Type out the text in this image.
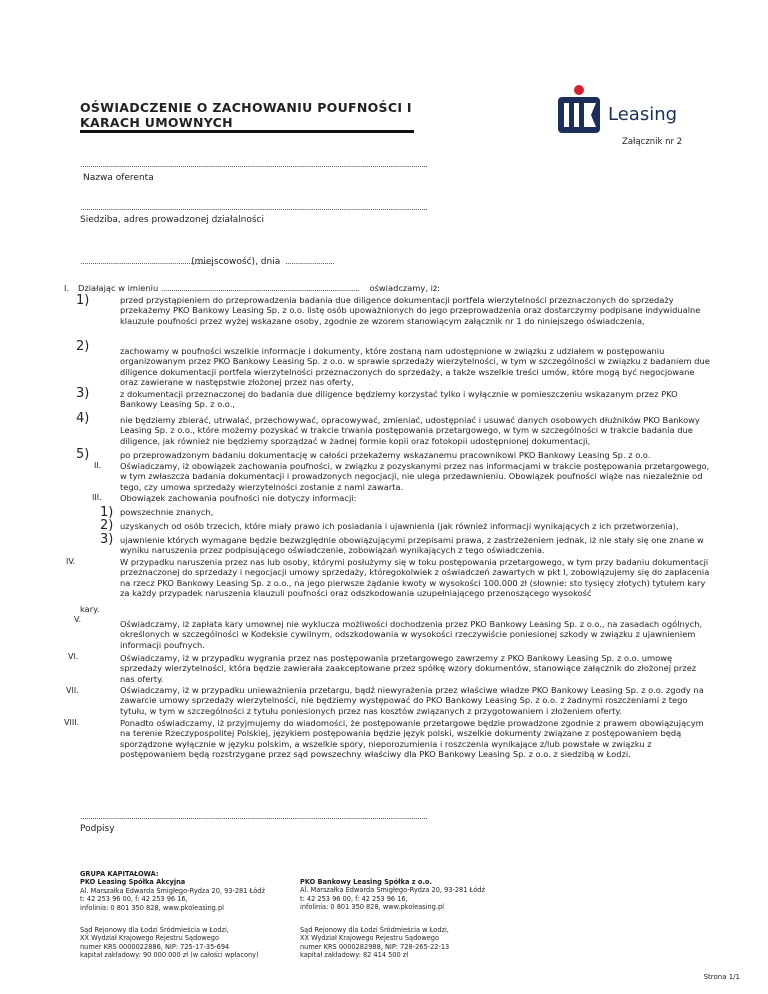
OŚWIADCZENIE O ZACHOWANIU POUFNOŚCI I
KARACH UMOWNYCH	Leasing
Załącznik nr 2
..........................................................................................................................................................................
Nazwa oferenta
..........................................................................................................................................................................
Siedziba, adres prowadzonej działalności
................................................................. (miejscowość), dnia ........................
I.	Działając w imieniu ................................................................................................. oświadczamy, iż:
1)	przed przystąpieniem do przeprowadzenia badania due diligence dokumentacji portfela wierzytelności przeznaczonych do sprzedaży przekażemy PKO Bankowy Leasing Sp. z o.o. listę osób upoważnionych do jego przeprowadzenia oraz dostarczymy podpisane indywidualne klauzule poufności przez wyżej wskazane osoby, zgodnie ze wzorem stanowiącym załącznik nr 1 do niniejszego oświadczenia,
2)	zachowamy w poufności wszelkie informacje i dokumenty, które zostaną nam udostępnione w związku z udziałem w postępowaniu organizowanym przez PKO Bankowy Leasing Sp. z o.o. w sprawie sprzedaży wierzytelności, w tym w szczególności w związku z badaniem due diligence dokumentacji portfela wierzytelności przeznaczonych do sprzedaży, a także wszelkie treści umów, które mogą być negocjowane oraz zawierane w następstwie złożonej przez nas oferty,
3)	z dokumentacji przeznaczonej do badania due diligence będziemy korzystać tylko i wyłącznie w pomieszczeniu wskazanym przez PKO Bankowy Leasing Sp. z o.o.,
4)	nie będziemy zbierać, utrwalać, przechowywać, opracowywać, zmieniać, udostępniać i usuwać danych osobowych dłużników PKO Bankowy Leasing Sp. z o.o., które możemy pozyskać w trakcie trwania postępowania przetargowego, w tym w szczególności w trakcie badania due diligence, jak również nie będziemy sporządzać w żadnej formie kopii oraz fotokopii udostępnionej dokumentacji,
5)	po przeprowadzonym badaniu dokumentację w całości przekażemy wskazanemu pracownikowi PKO Bankowy Leasing Sp. z o.o.
II. Oświadczamy, iż obowiązek zachowania poufności, w związku z pozyskanymi przez nas informacjami w trakcie postępowania przetargowego, w tym zwłaszcza badania dokumentacji i prowadzonych negocjacji, nie ulega przedawnieniu. Obowiązek poufności wiąże nas niezależnie od tego, czy umowa sprzedaży wierzytelności zostanie z nami zawarta.
III. Obowiązek zachowania poufności nie dotyczy informacji:
1) powszechnie znanych,
2) uzyskanych od osób trzecich, które miały prawo ich posiadania i ujawnienia (jak również informacji wynikających z ich przetworzenia),
3) ujawnienie których wymagane będzie bezwzględnie obowiązującymi przepisami prawa, z zastrzeżeniem jednak, iż nie stały się one znane w wyniku naruszenia przez podpisującego oświadczenie, zobowiązań wynikających z tego oświadczenia.
IV.	W przypadku naruszenia przez nas lub osoby, którymi posłużymy się w toku postępowania przetargowego, w tym przy badaniu dokumentacji przeznaczonej do sprzedaży i negocjacji umowy sprzedaży, któregokolwiek z oświadczeń zawartych w pkt I, zobowiązujemy się do zapłacenia na rzecz PKO Bankowy Leasing Sp. z o.o., na jego pierwsze żądanie kwoty w wysokości 100.000 zł (słownie: sto tysięcy złotych) tytułem kary za każdy przypadek naruszenia klauzuli poufności oraz odszkodowania uzupełniającego przenoszącego wysokość
kary.
V.	Oświadczamy, iż zapłata kary umownej nie wyklucza możliwości dochodzenia przez PKO Bankowy Leasing Sp. z o.o., na zasadach ogólnych, określonych w szczególności w Kodeksie cywilnym, odszkodowania w wysokości rzeczywiście poniesionej szkody w związku z ujawnieniem informacji poufnych.
VI.	Oświadczamy, iż w przypadku wygrania przez nas postępowania przetargowego zawrzemy z PKO Bankowy Leasing Sp. z o.o. umowę sprzedaży wierzytelności, która będzie zawierała zaakceptowane przez spółkę wzory dokumentów, stanowiące załącznik do złożonej przez nas oferty.
VII.	Oświadczamy, iż w przypadku unieważnienia przetargu, bądź niewyrażenia przez właściwe władze PKO Bankowy Leasing Sp. z o.o. zgody na zawarcie umowy sprzedaży wierzytelności, nie będziemy występować do PKO Bankowy Leasing Sp. z o.o. z żadnymi roszczeniami z tego tytułu, w tym w szczególności z tytułu poniesionych przez nas kosztów związanych z przygotowaniem i złożeniem oferty.
VIII.	Ponadto oświadczamy, iż przyjmujemy do wiadomości, że postępowanie przetargowe będzie prowadzone zgodnie z prawem obowiązującym na terenie Rzeczypospolitej Polskiej, językiem postępowania będzie język polski, wszelkie dokumenty związane z postępowaniem będą sporządzone wyłącznie w języku polskim, a wszelkie spory, nieporozumienia i roszczenia wynikające z/lub powstałe w związku z postępowaniem będą rozstrzygane przez sąd powszechny właściwy dla PKO Bankowy Leasing Sp. z o.o. z siedzibą w Łodzi.
..........................................................................................................................................................................
Podpisy
GRUPA KAPITAŁOWA:
PKO Leasing Spółka Akcyjna
Al. Marszałka Edwarda Śmigłego-Rydza 20, 93-281 Łódź
t: 42 253 96 00, f: 42 253 96 16,
infolinia: 0 801 350 828, www.pkoleasing.pl
Sąd Rejonowy dla Łodzi Śródmieścia w Łodzi,
XX Wydział Krajowego Rejestru Sądowego
numer KRS 0000022886, NIP: 725-17-35-694
kapitał zakładowy: 90 000 000 zł (w całości wpłacony)
PKO Bankowy Leasing Spółka z o.o.
Al. Marszałka Edwarda Śmigłego-Rydza 20, 93-281 Łódź
t: 42 253 96 00, f: 42 253 96 16,
infolinia: 0 801 350 828, www.pkoleasing.pl
Sąd Rejonowy dla Łodzi Śródmieścia w Łodzi,
XX Wydział Krajowego Rejestru Sądowego
numer KRS 0000282988, NIP: 728-265-22-13
kapitał zakładowy: 82 414 500 zł
Strona 1/1
